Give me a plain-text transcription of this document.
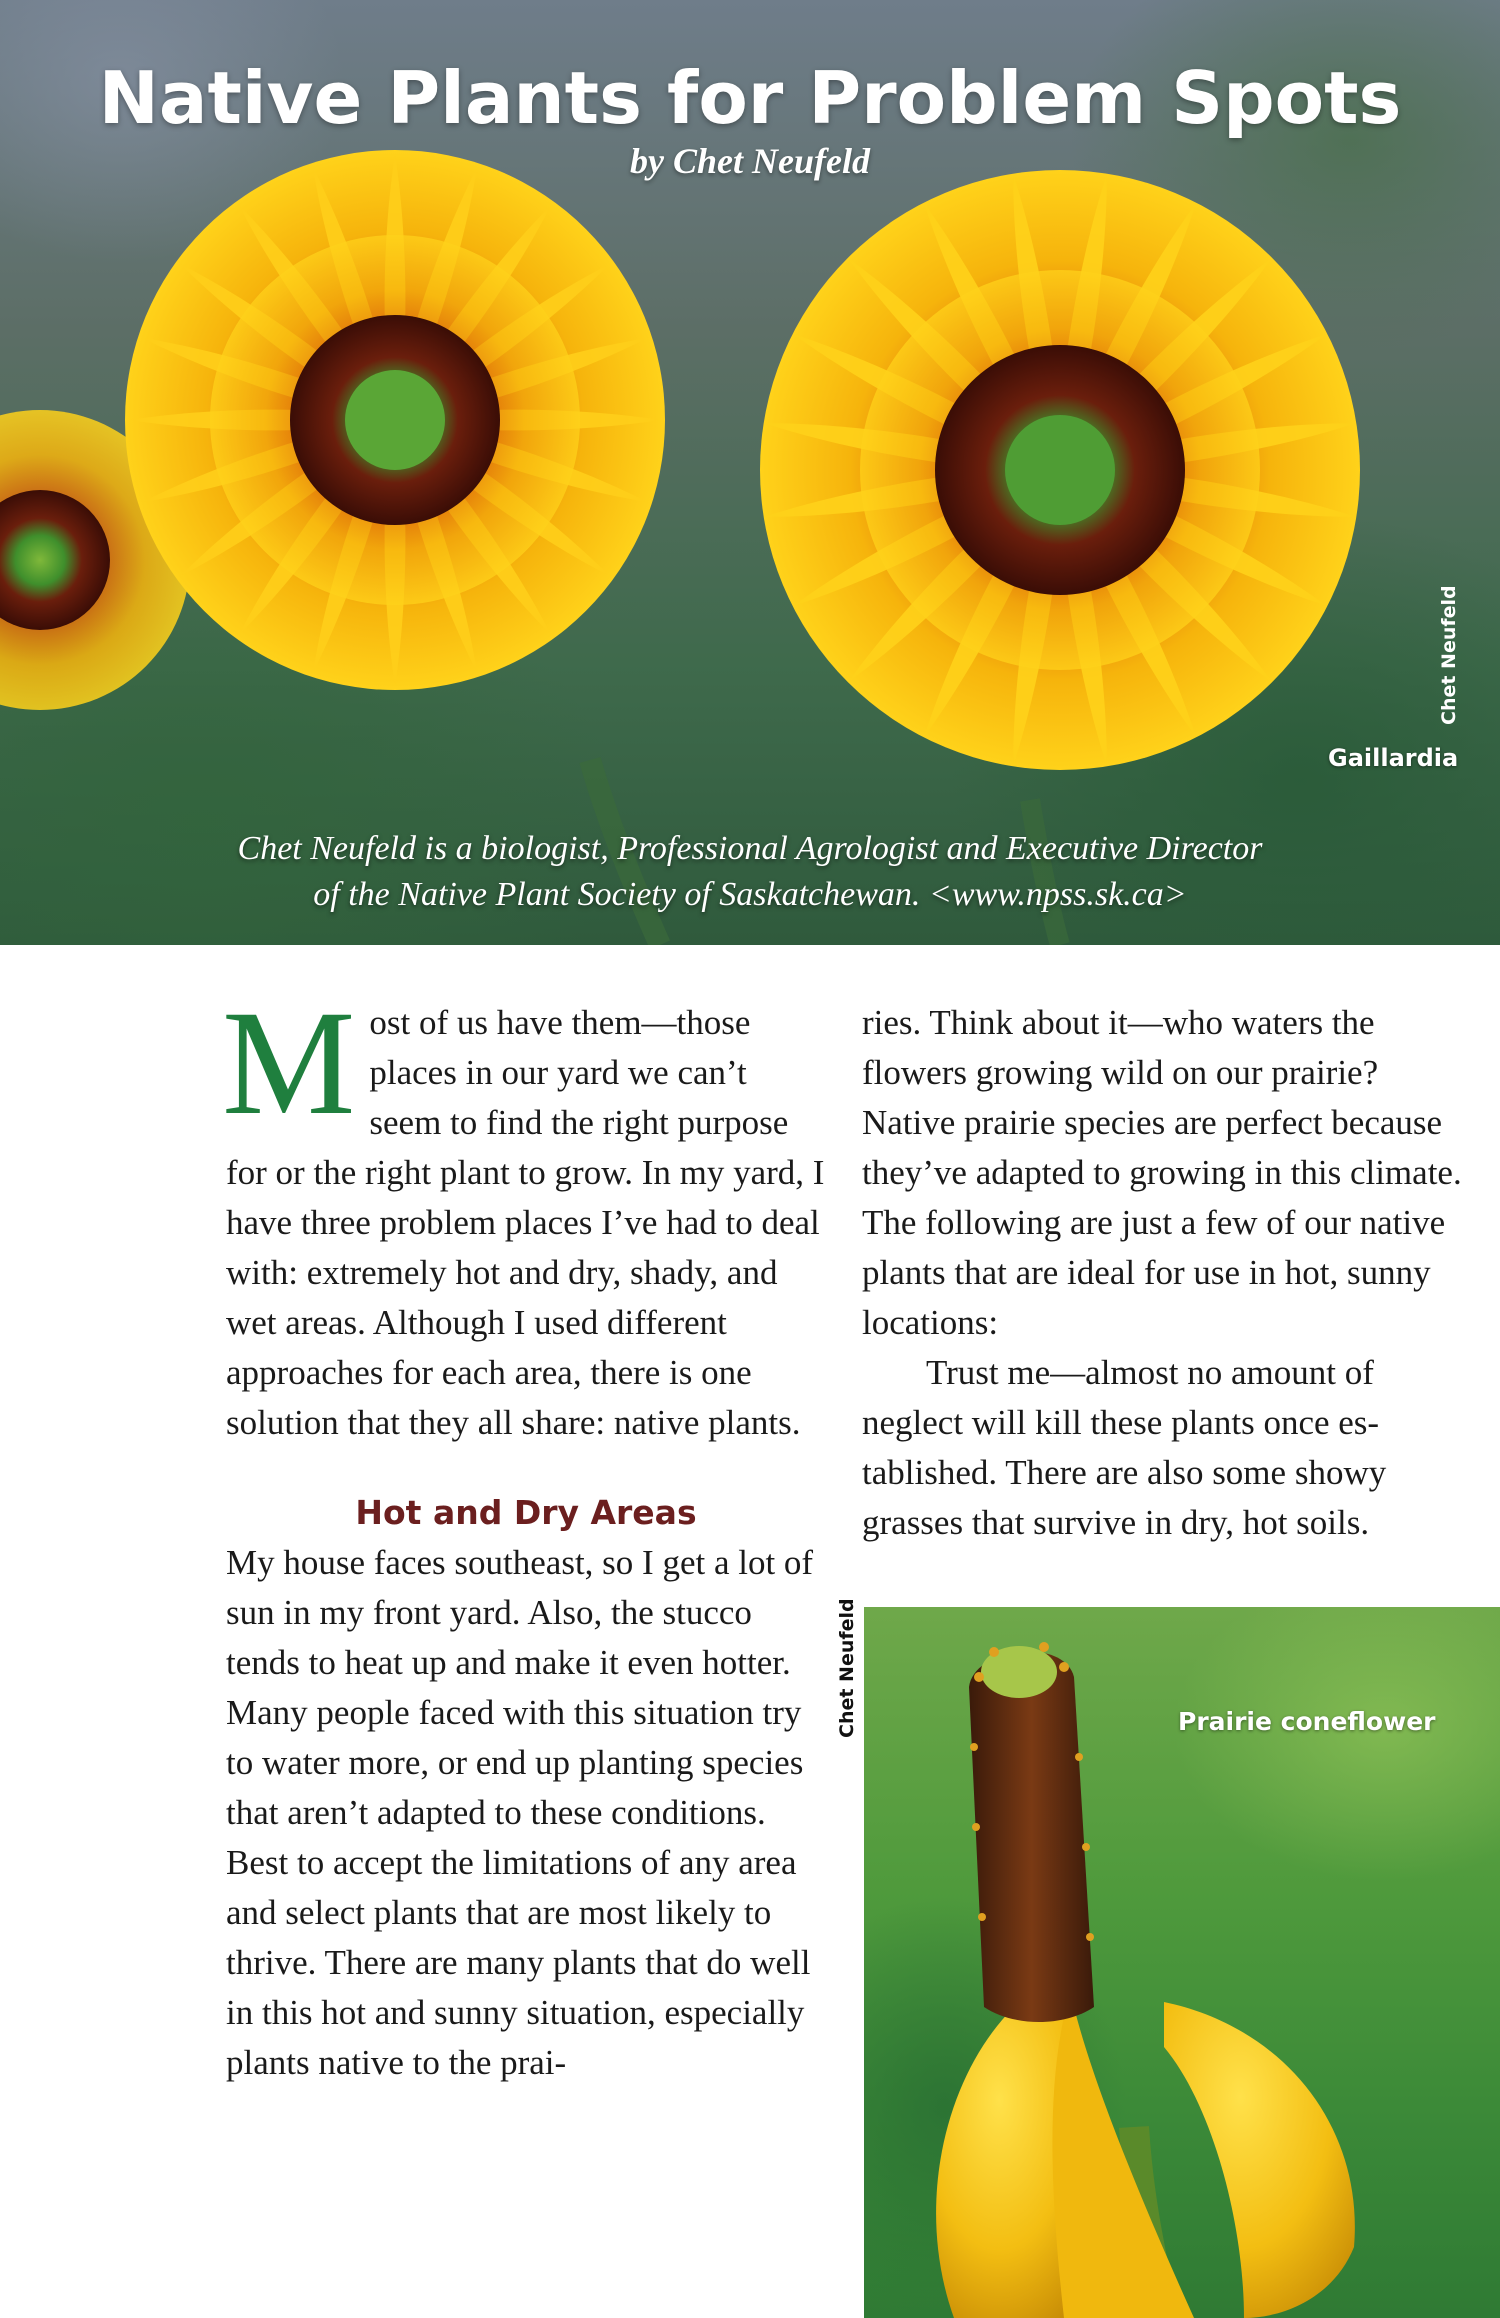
Native Plants for Problem Spots
by Chet Neufeld
Chet Neufeld
Gaillardia
Chet Neufeld is a biologist, Professional Agrologist and Executive Director
of the Native Plant Society of Saskatchewan. <www.npss.sk.ca>

Most of us have them—those places in our yard we can’t seem to find the right purpose for or the right plant to grow. In my yard, I have three problem places I’ve had to deal with: extremely hot and dry, shady, and wet areas. Although I used different approaches for each area, there is one solution that they all share: native plants.

Hot and Dry Areas

My house faces southeast, so I get a lot of sun in my front yard. Also, the stucco tends to heat up and make it even hotter. Many people faced with this situation try to water more, or end up planting species that aren’t adapted to these conditions. Best to accept the limitations of any area and select plants that are most likely to thrive. There are many plants that do well in this hot and sunny situation, especially plants native to the prai-

ries. Think about it—who waters the flowers growing wild on our prairie? Native prairie species are perfect because they’ve adapted to growing in this climate. The following are just a few of our native plants that are ideal for use in hot, sunny locations:

Trust me—almost no amount of neglect will kill these plants once es-tablished. There are also some showy grasses that survive in dry, hot soils.

Chet Neufeld	Prairie coneflower
